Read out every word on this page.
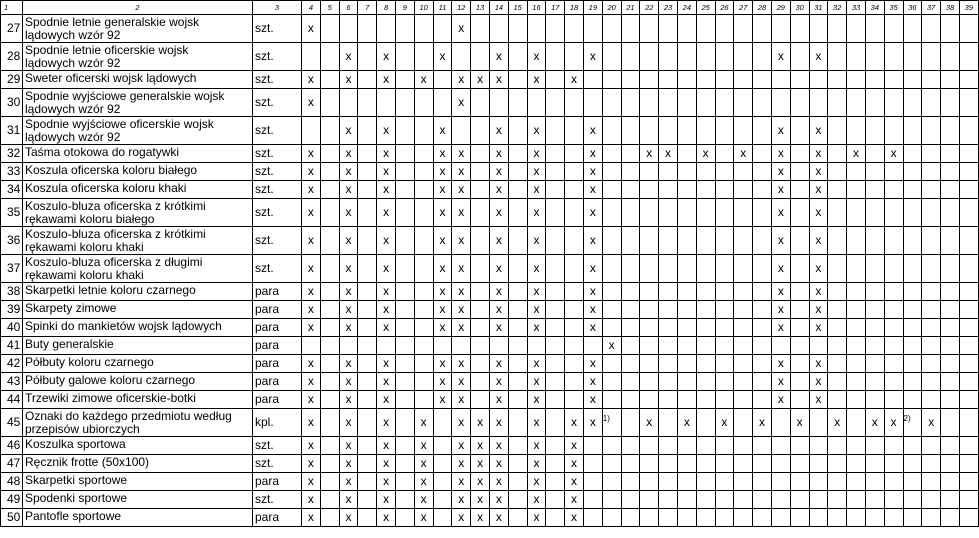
1	2	3	4	5	6	7	8	9	10	11	12	13	14	15	16	17	18	19	20	21	22	23	24	25	26	27	28	29	30	31	32	33	34	35	36	37	38	39
27	Spodnie letnie generalskie wojsk
lądowych wzór 92	szt.	x								x																											
28	Spodnie letnie oficerskie wojsk
lądowych wzór 92	szt.			x		x			x			x		x			x										x		x								
29	Sweter oficerski wojsk lądowych	szt.	x		x		x		x		x	x	x		x		x																					
30	Spodnie wyjściowe generalskie wojsk
lądowych wzór 92	szt.	x								x																											
31	Spodnie wyjściowe oficerskie wojsk
lądowych wzór 92	szt.			x		x			x			x		x			x										x		x								
32	Taśma otokowa do rogatywki	szt.	x		x		x			x	x		x		x			x			x	x		x		x		x		x		x		x				
33	Koszula oficerska koloru białego	szt.	x		x		x			x	x		x		x			x										x		x								
34	Koszula oficerska koloru khaki	szt.	x		x		x			x	x		x		x			x										x		x								
35	Koszulo-bluza oficerska z krótkimi
rękawami koloru białego	szt.	x		x		x			x	x		x		x			x										x		x								
36	Koszulo-bluza oficerska z krótkimi
rękawami koloru khaki	szt.	x		x		x			x	x		x		x			x										x		x								
37	Koszulo-bluza oficerska z długimi
rękawami koloru khaki	szt.	x		x		x			x	x		x		x			x										x		x								
38	Skarpetki letnie koloru czarnego	para	x		x		x			x	x		x		x			x										x		x								
39	Skarpety zimowe	para	x		x		x			x	x		x		x			x										x		x								
40	Spinki do mankietów wojsk lądowych	para	x		x		x			x	x		x		x			x										x		x								
41	Buty generalskie	para																	x																			
42	Półbuty koloru czarnego	para	x		x		x			x	x		x		x			x										x		x								
43	Półbuty galowe koloru czarnego	para	x		x		x			x	x		x		x			x										x		x								
44	Trzewiki zimowe oficerskie-botki	para	x		x		x			x	x		x		x			x										x		x								
45	Oznaki do każdego przedmiotu według
przepisów ubiorczych	kpl.	x		x		x		x		x	x	x		x		x	x	$^{1)}$		x		x		x		x		x		x		x	x	$^{2)}$	x		
46	Koszulka sportowa	szt.	x		x		x		x		x	x	x		x		x																					
47	Ręcznik frotte (50x100)	szt.	x		x		x		x		x	x	x		x		x																					
48	Skarpetki sportowe	para	x		x		x		x		x	x	x		x		x																					
49	Spodenki sportowe	szt.	x		x		x		x		x	x	x		x		x																					
50	Pantofle sportowe	para	x		x		x		x		x	x	x		x		x																					
